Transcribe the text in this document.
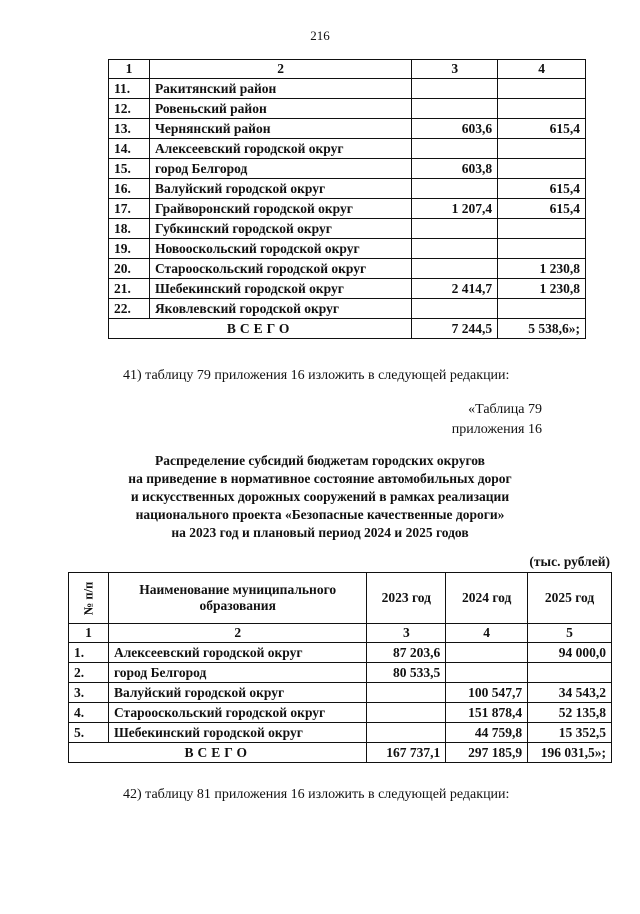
216
1	2	3	4
11.	Ракитянский район		
12.	Ровеньский район		
13.	Чернянский район	603,6	615,4
14.	Алексеевский городской округ		
15.	город Белгород	603,8	
16.	Валуйский городской округ		615,4
17.	Грайворонский городской округ	1 207,4	615,4
18.	Губкинский городской округ		
19.	Новооскольский городской округ		
20.	Старооскольский городской округ		1 230,8
21.	Шебекинский городской округ	2 414,7	1 230,8
22.	Яковлевский городской округ		
ВСЕГО		7 244,5	5 538,6»;
41) таблицу 79 приложения 16 изложить в следующей редакции:
«Таблица 79
приложения 16
Распределение субсидий бюджетам городских округов
на приведение в нормативное состояние автомобильных дорог
и искусственных дорожных сооружений в рамках реализации
национального проекта «Безопасные качественные дороги»
на 2023 год и плановый период 2024 и 2025 годов
(тыс. рублей)
№ п/п	Наименование муниципального образования	2023 год	2024 год	2025 год
1	2	3	4	5
1.	Алексеевский городской округ	87 203,6		94 000,0
2.	город Белгород	80 533,5		
3.	Валуйский городской округ		100 547,7	34 543,2
4.	Старооскольский городской округ		151 878,4	52 135,8
5.	Шебекинский городской округ		44 759,8	15 352,5
ВСЕГО		167 737,1	297 185,9	196 031,5»;
42) таблицу 81 приложения 16 изложить в следующей редакции:
